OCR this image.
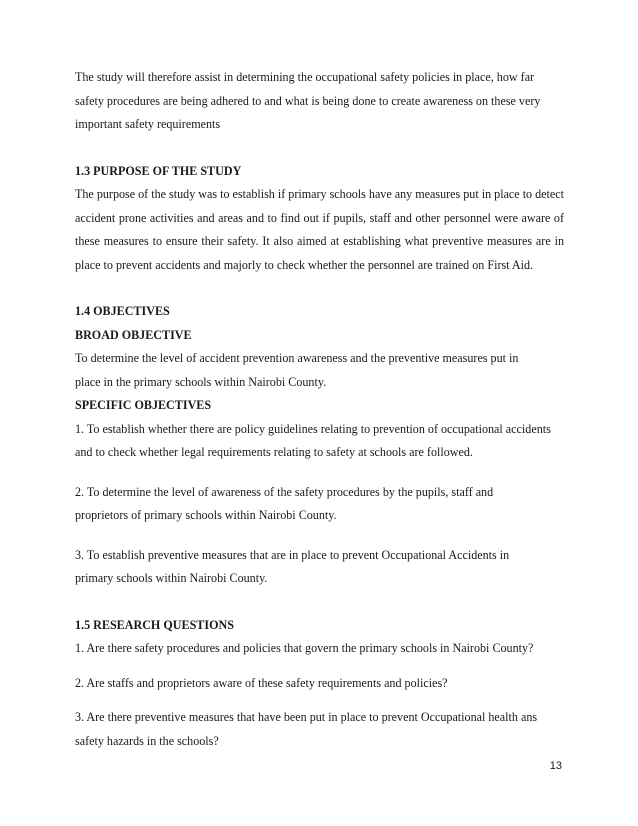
The study will therefore assist in determining the occupational safety policies in place, how far safety procedures are being adhered to and what is being done to create awareness on these very important safety requirements

1.3 PURPOSE OF THE STUDY

The purpose of the study was to establish if primary schools have any measures put in place to detect accident prone activities and areas and to find out if pupils, staff and other personnel were aware of these measures to ensure their safety. It also aimed at establishing what preventive measures are in place to prevent accidents and majorly to check whether the personnel are trained on First Aid.

1.4 OBJECTIVES

BROAD OBJECTIVE

To determine the level of accident prevention awareness and the preventive measures put in place in the primary schools within Nairobi County.

SPECIFIC OBJECTIVES

1. To establish whether there are policy guidelines relating to prevention of occupational accidents and to check whether legal requirements relating to safety at schools are followed.

2. To determine the level of awareness of the safety procedures by the pupils, staff and proprietors of primary schools within Nairobi County.

3. To establish preventive measures that are in place to prevent Occupational Accidents in primary schools within Nairobi County.

1.5 RESEARCH QUESTIONS

1. Are there safety procedures and policies that govern the primary schools in Nairobi County?

2. Are staffs and proprietors aware of these safety requirements and policies?

3. Are there preventive measures that have been put in place to prevent Occupational health ans safety hazards in the schools?

13
